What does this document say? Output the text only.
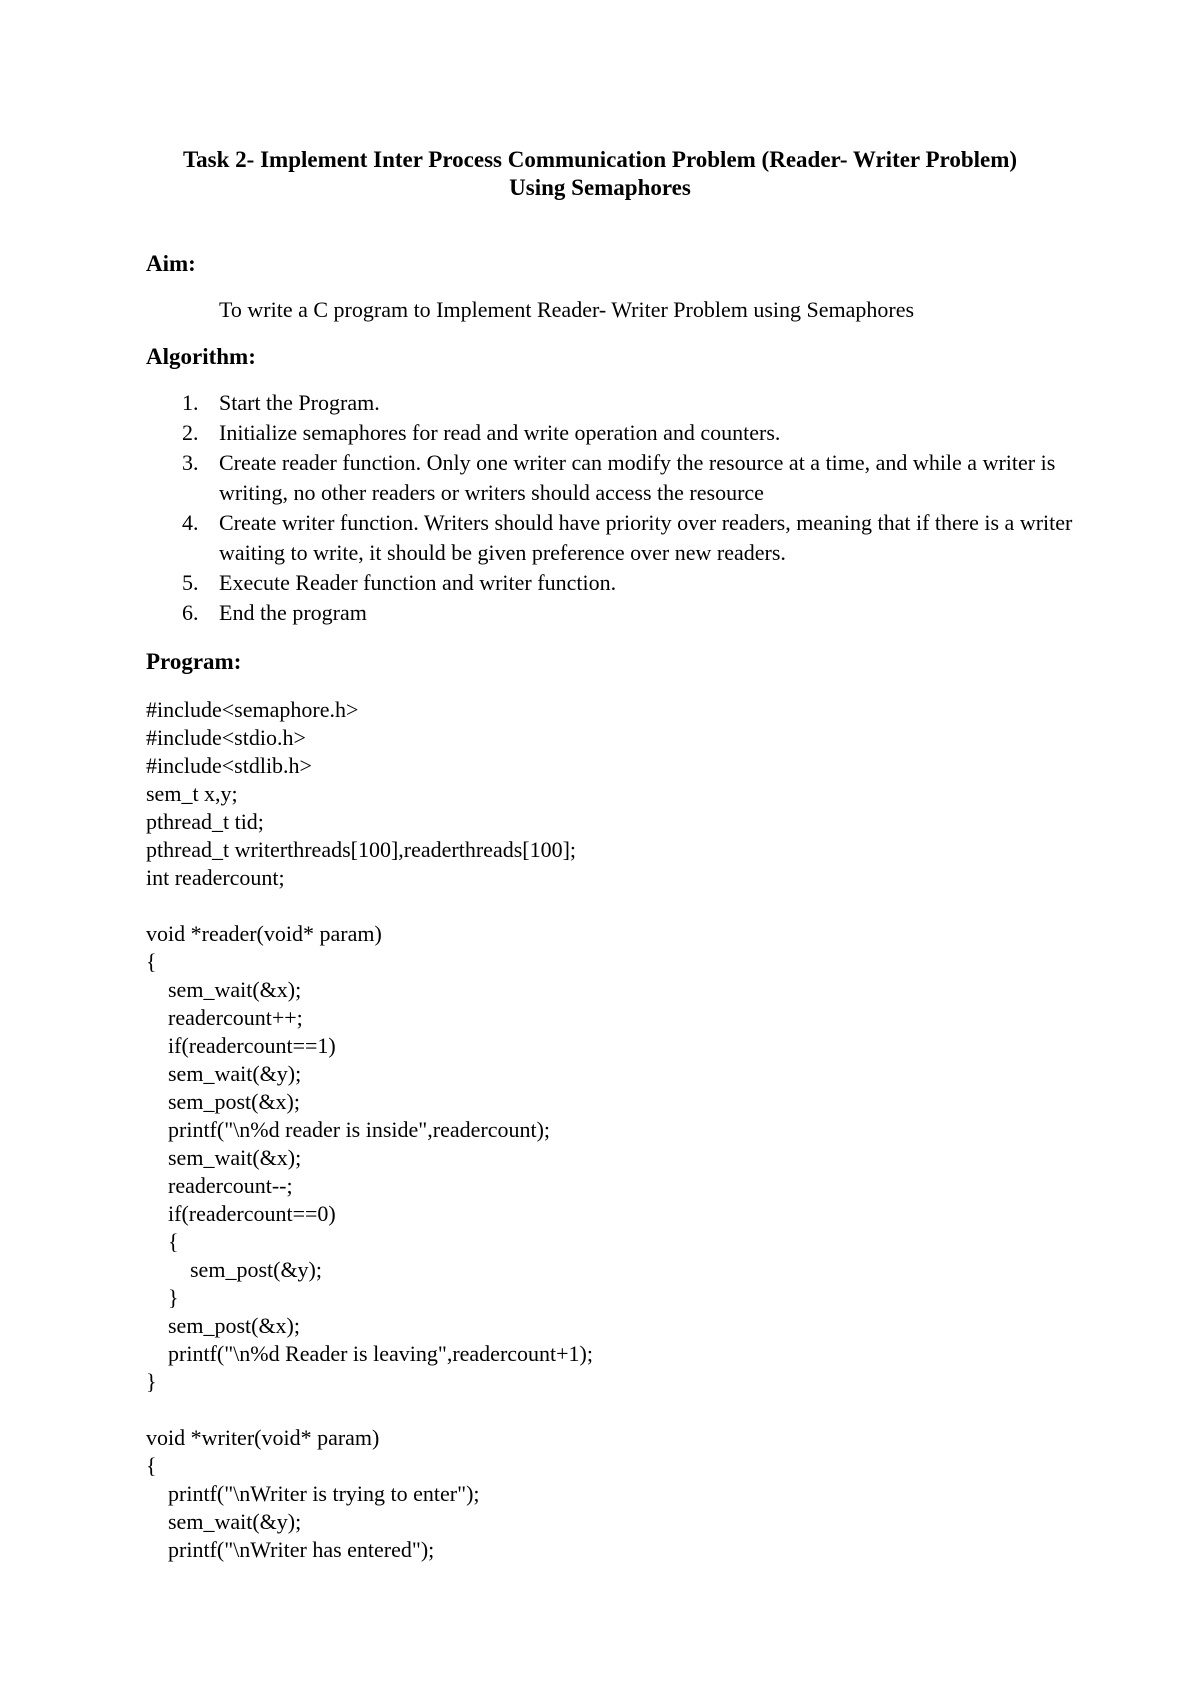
Task 2- Implement Inter Process Communication Problem (Reader- Writer Problem)
Using Semaphores
Aim:
To write a C program to Implement Reader- Writer Problem using Semaphores
Algorithm:
1. Start the Program.
2. Initialize semaphores for read and write operation and counters.
3. Create reader function. Only one writer can modify the resource at a time, and while a writer is writing, no other readers or writers should access the resource
4. Create writer function. Writers should have priority over readers, meaning that if there is a writer waiting to write, it should be given preference over new readers.
5. Execute Reader function and writer function.
6. End the program
Program:
#include<semaphore.h>
#include<stdio.h>
#include<stdlib.h>
sem_t x,y;
pthread_t tid;
pthread_t writerthreads[100],readerthreads[100];
int readercount;
void *reader(void* param)
{
sem_wait(&x);
readercount++;
if(readercount==1)
sem_wait(&y);
sem_post(&x);
printf("\n%d reader is inside",readercount);
sem_wait(&x);
readercount--;
if(readercount==0)
{
sem_post(&y);
}
sem_post(&x);
printf("\n%d Reader is leaving",readercount+1);
}
void *writer(void* param)
{
printf("\nWriter is trying to enter");
sem_wait(&y);
printf("\nWriter has entered");
